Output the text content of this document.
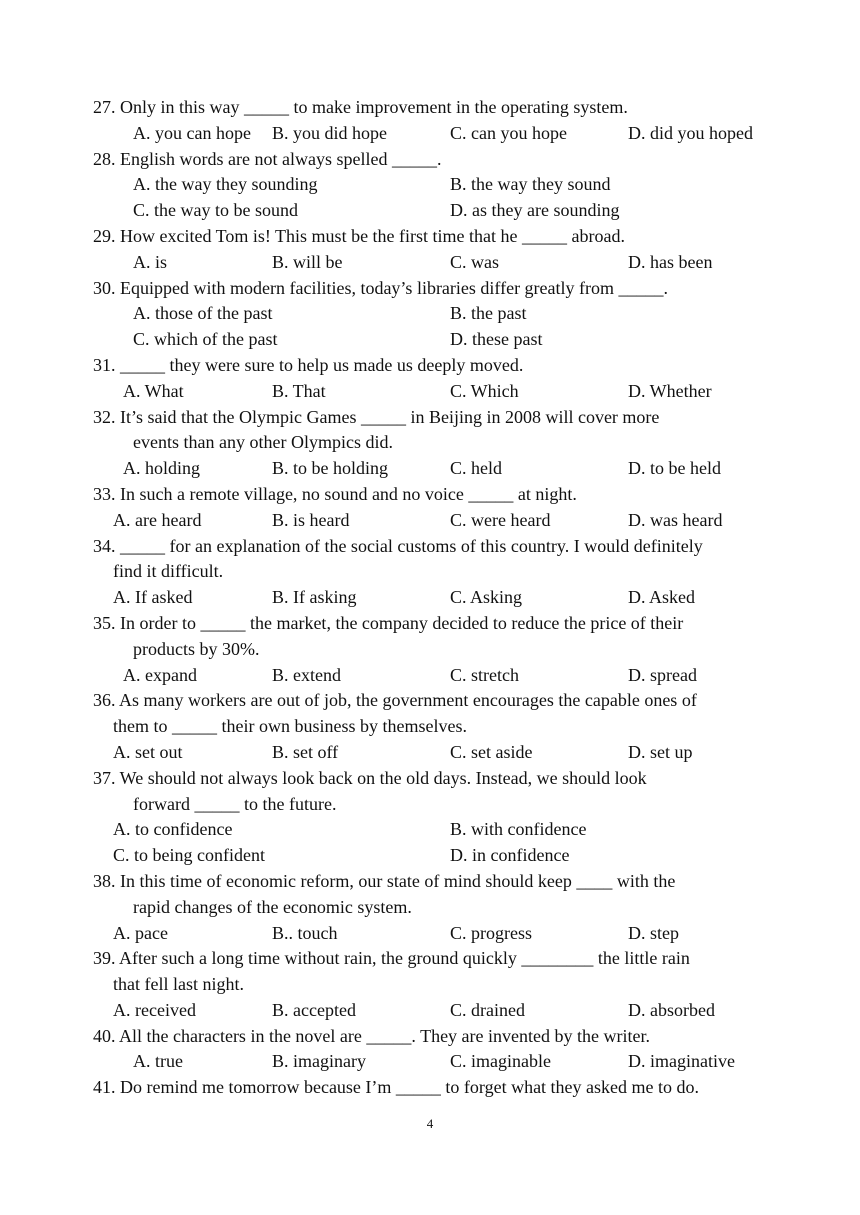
27. Only in this way _____ to make improvement in the operating system.
A. you can hope B. you did hope	C. can you hope	D. did you hoped
28. English words are not always spelled _____.
A. the way they sounding	B. the way they sound
C. the way to be sound	D. as they are sounding
29. How excited Tom is! This must be the first time that he _____ abroad.
A. is	B. will be	C. was	D. has been
30. Equipped with modern facilities, today’s libraries differ greatly from _____.
A. those of the past	B. the past
C. which of the past	D. these past
31. _____ they were sure to help us made us deeply moved.
A. What	B. That	C. Which	D. Whether
32. It’s said that the Olympic Games _____ in Beijing in 2008 will cover more
events than any other Olympics did.
A. holding	B. to be holding	C. held	D. to be held
33. In such a remote village, no sound and no voice _____ at night.
A. are heard	B. is heard	C. were heard	D. was heard
34. _____ for an explanation of the social customs of this country. I would definitely
find it difficult.
A. If asked	B. If asking	C. Asking	D. Asked
35. In order to _____ the market, the company decided to reduce the price of their
products by 30%.
A. expand	B. extend	C. stretch	D. spread
36. As many workers are out of job, the government encourages the capable ones of
them to _____ their own business by themselves.
A. set out	B. set off	C. set aside	D. set up
37. We should not always look back on the old days. Instead, we should look
forward _____ to the future.
A. to confidence	B. with confidence
C. to being confident	D. in confidence
38. In this time of economic reform, our state of mind should keep ____ with the
rapid changes of the economic system.
A. pace	B.. touch	C. progress	D. step
39. After such a long time without rain, the ground quickly ________ the little rain
that fell last night.
A. received	B. accepted	C. drained	D. absorbed
40. All the characters in the novel are _____. They are invented by the writer.
A. true	B. imaginary	C. imaginable	D. imaginative
41. Do remind me tomorrow because I’m _____ to forget what they asked me to do.
4
